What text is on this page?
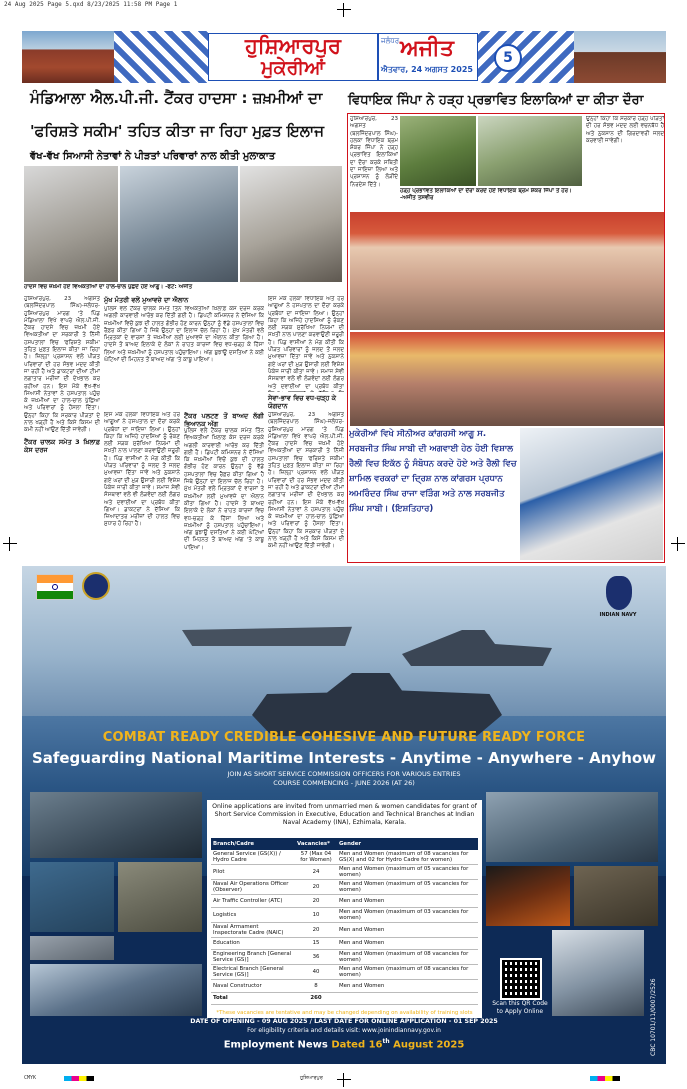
24 Aug 2025 Page 5.qxd 8/23/2025 11:58 PM Page 1
ਹੁਸ਼ਿਆਰਪੁਰ
ਮੁਕੇਰੀਆਂ
ਜਲੰਧਰ ਅਜੀਤ
ਐਤਵਾਰ, 24 ਅਗਸਤ 2025
5
ਮੰਡਿਆਲਾ ਐਲ.ਪੀ.ਜੀ. ਟੈਂਕਰ ਹਾਦਸਾ : ਜ਼ਖ਼ਮੀਆਂ ਦਾ
'ਫਰਿਸ਼ਤੇ ਸਕੀਮ' ਤਹਿਤ ਕੀਤਾ ਜਾ ਰਿਹਾ ਮੁਫ਼ਤ ਇਲਾਜ
ਵੱਖ-ਵੱਖ ਸਿਆਸੀ ਨੇਤਾਵਾਂ ਨੇ ਪੀੜਤਾਂ ਪਰਿਵਾਰਾਂ ਨਾਲ ਕੀਤੀ ਮੁਲਾਕਾਤ
ਹਾਦਸੇ ਵਿਚ ਜ਼ਖ਼ਮੀ ਹੋਏ ਵਿਅਕਤੀਆਂ ਦਾ ਹਾਲ-ਚਾਲ ਪੁੱਛਦੇ ਹੋਏ ਆਗੂ। -ਫੋਟੋ: ਅਜੀਤ
ਹੁਸ਼ਿਆਰਪੁਰ, 23 ਅਗਸਤ (ਬਲਜਿੰਦਰਪਾਲ ਸਿੰਘ)-ਜਲੰਧਰ-ਹੁਸ਼ਿਆਰਪੁਰ ਮਾਰਗ 'ਤੇ ਪਿੰਡ ਮੰਡਿਆਲਾ ਵਿਖੇ ਵਾਪਰੇ ਐਲ.ਪੀ.ਜੀ. ਟੈਂਕਰ ਹਾਦਸੇ ਵਿਚ ਜ਼ਖ਼ਮੀ ਹੋਏ ਵਿਅਕਤੀਆਂ ਦਾ ਸਰਕਾਰੀ ਤੇ ਨਿੱਜੀ ਹਸਪਤਾਲਾਂ ਵਿਚ 'ਫਰਿਸ਼ਤੇ ਸਕੀਮ' ਤਹਿਤ ਮੁਫ਼ਤ ਇਲਾਜ ਕੀਤਾ ਜਾ ਰਿਹਾ ਹੈ। ਜ਼ਿਲ੍ਹਾ ਪ੍ਰਸ਼ਾਸਨ ਵਲੋਂ ਪੀੜਤ ਪਰਿਵਾਰਾਂ ਦੀ ਹਰ ਸੰਭਵ ਮਦਦ ਕੀਤੀ ਜਾ ਰਹੀ ਹੈ ਅਤੇ ਡਾਕਟਰਾਂ ਦੀਆਂ ਟੀਮਾਂ ਲਗਾਤਾਰ ਮਰੀਜ਼ਾਂ ਦੀ ਦੇਖਭਾਲ ਕਰ ਰਹੀਆਂ ਹਨ। ਇਸ ਮੌਕੇ ਵੱਖ-ਵੱਖ ਸਿਆਸੀ ਨੇਤਾਵਾਂ ਨੇ ਹਸਪਤਾਲ ਪਹੁੰਚ ਕੇ ਜ਼ਖ਼ਮੀਆਂ ਦਾ ਹਾਲ-ਚਾਲ ਪੁੱਛਿਆ ਅਤੇ ਪਰਿਵਾਰਾਂ ਨੂੰ ਹੌਸਲਾ ਦਿੱਤਾ। ਉਨ੍ਹਾਂ ਕਿਹਾ ਕਿ ਸਰਕਾਰ ਪੀੜਤਾਂ ਦੇ ਨਾਲ ਖੜ੍ਹੀ ਹੈ ਅਤੇ ਕਿਸੇ ਕਿਸਮ ਦੀ ਕਮੀ ਨਹੀਂ ਆਉਣ ਦਿੱਤੀ ਜਾਵੇਗੀ।
ਟੈਂਕਰ ਚਾਲਕ ਸਮੇਤ 3 ਖ਼ਿਲਾਫ਼ ਕੇਸ ਦਰਜ
ਮੁੱਖ ਮੰਤਰੀ ਵਲੋਂ ਮੁਆਵਜ਼ੇ ਦਾ ਐਲਾਨ
ਪੁਲਿਸ ਵਲੋਂ ਟੈਂਕਰ ਚਾਲਕ ਸਮੇਤ ਤਿੰਨ ਵਿਅਕਤੀਆਂ ਖ਼ਿਲਾਫ਼ ਕੇਸ ਦਰਜ ਕਰਕੇ ਅਗਲੀ ਕਾਰਵਾਈ ਆਰੰਭ ਕਰ ਦਿੱਤੀ ਗਈ ਹੈ। ਡਿਪਟੀ ਕਮਿਸ਼ਨਰ ਨੇ ਦੱਸਿਆ ਕਿ ਜ਼ਖ਼ਮੀਆਂ ਵਿਚੋਂ ਕੁਝ ਦੀ ਹਾਲਤ ਗੰਭੀਰ ਹੋਣ ਕਾਰਨ ਉਨ੍ਹਾਂ ਨੂੰ ਵੱਡੇ ਹਸਪਤਾਲਾਂ ਵਿਚ ਰੈਫ਼ਰ ਕੀਤਾ ਗਿਆ ਹੈ ਜਿਥੇ ਉਨ੍ਹਾਂ ਦਾ ਇਲਾਜ ਚੱਲ ਰਿਹਾ ਹੈ। ਮੁੱਖ ਮੰਤਰੀ ਵਲੋਂ ਮ੍ਰਿਤਕਾਂ ਦੇ ਵਾਰਸਾਂ ਤੇ ਜ਼ਖ਼ਮੀਆਂ ਲਈ ਮੁਆਵਜ਼ੇ ਦਾ ਐਲਾਨ ਕੀਤਾ ਗਿਆ ਹੈ। ਹਾਦਸੇ ਤੋਂ ਬਾਅਦ ਇਲਾਕੇ ਦੇ ਲੋਕਾਂ ਨੇ ਰਾਹਤ ਕਾਰਜਾਂ ਵਿਚ ਵਧ-ਚੜ੍ਹ ਕੇ ਹਿੱਸਾ ਲਿਆ ਅਤੇ ਜ਼ਖ਼ਮੀਆਂ ਨੂੰ ਹਸਪਤਾਲ ਪਹੁੰਚਾਇਆ। ਅੱਗ ਬੁਝਾਊ ਦਸਤਿਆਂ ਨੇ ਕਈ ਘੰਟਿਆਂ ਦੀ ਮਿਹਨਤ ਤੋਂ ਬਾਅਦ ਅੱਗ 'ਤੇ ਕਾਬੂ ਪਾਇਆ।
ਇਸ ਮੌਕੇ ਹਲਕਾ ਵਿਧਾਇਕ ਅਤੇ ਹੋਰ ਆਗੂਆਂ ਨੇ ਹਸਪਤਾਲ ਦਾ ਦੌਰਾ ਕਰਕੇ ਪ੍ਰਬੰਧਾਂ ਦਾ ਜਾਇਜ਼ਾ ਲਿਆ। ਉਨ੍ਹਾਂ ਕਿਹਾ ਕਿ ਅਜਿਹੇ ਹਾਦਸਿਆਂ ਨੂੰ ਰੋਕਣ ਲਈ ਸੜਕ ਸੁਰੱਖਿਆ ਨਿਯਮਾਂ ਦੀ ਸਖ਼ਤੀ ਨਾਲ ਪਾਲਣਾ ਕਰਵਾਉਣੀ ਜ਼ਰੂਰੀ ਹੈ। ਪਿੰਡ ਵਾਸੀਆਂ ਨੇ ਮੰਗ ਕੀਤੀ ਕਿ ਪੀੜਤ ਪਰਿਵਾਰਾਂ ਨੂੰ ਜਲਦ ਤੋਂ ਜਲਦ ਮੁਆਵਜ਼ਾ ਦਿੱਤਾ ਜਾਵੇ ਅਤੇ ਨੁਕਸਾਨੇ ਗਏ ਘਰਾਂ ਦੀ ਮੁੜ ਉਸਾਰੀ ਲਈ ਵਿਸ਼ੇਸ਼ ਪੈਕੇਜ ਜਾਰੀ ਕੀਤਾ ਜਾਵੇ। ਸਮਾਜ ਸੇਵੀ ਸੰਸਥਾਵਾਂ ਵਲੋਂ ਵੀ ਲੋੜਵੰਦਾਂ ਲਈ ਲੰਗਰ ਅਤੇ ਦਵਾਈਆਂ ਦਾ ਪ੍ਰਬੰਧ ਕੀਤਾ ਗਿਆ। ਡਾਕਟਰਾਂ ਨੇ ਦੱਸਿਆ ਕਿ ਜ਼ਿਆਦਾਤਰ ਮਰੀਜ਼ਾਂ ਦੀ ਹਾਲਤ ਵਿਚ ਸੁਧਾਰ ਹੋ ਰਿਹਾ ਹੈ।
ਟੈਂਕਰ ਪਲਟਣ ਤੋਂ ਬਾਅਦ ਲੱਗੀ ਭਿਆਨਕ ਅੱਗ
ਪੁਲਿਸ ਵਲੋਂ ਟੈਂਕਰ ਚਾਲਕ ਸਮੇਤ ਤਿੰਨ ਵਿਅਕਤੀਆਂ ਖ਼ਿਲਾਫ਼ ਕੇਸ ਦਰਜ ਕਰਕੇ ਅਗਲੀ ਕਾਰਵਾਈ ਆਰੰਭ ਕਰ ਦਿੱਤੀ ਗਈ ਹੈ। ਡਿਪਟੀ ਕਮਿਸ਼ਨਰ ਨੇ ਦੱਸਿਆ ਕਿ ਜ਼ਖ਼ਮੀਆਂ ਵਿਚੋਂ ਕੁਝ ਦੀ ਹਾਲਤ ਗੰਭੀਰ ਹੋਣ ਕਾਰਨ ਉਨ੍ਹਾਂ ਨੂੰ ਵੱਡੇ ਹਸਪਤਾਲਾਂ ਵਿਚ ਰੈਫ਼ਰ ਕੀਤਾ ਗਿਆ ਹੈ ਜਿਥੇ ਉਨ੍ਹਾਂ ਦਾ ਇਲਾਜ ਚੱਲ ਰਿਹਾ ਹੈ। ਮੁੱਖ ਮੰਤਰੀ ਵਲੋਂ ਮ੍ਰਿਤਕਾਂ ਦੇ ਵਾਰਸਾਂ ਤੇ ਜ਼ਖ਼ਮੀਆਂ ਲਈ ਮੁਆਵਜ਼ੇ ਦਾ ਐਲਾਨ ਕੀਤਾ ਗਿਆ ਹੈ। ਹਾਦਸੇ ਤੋਂ ਬਾਅਦ ਇਲਾਕੇ ਦੇ ਲੋਕਾਂ ਨੇ ਰਾਹਤ ਕਾਰਜਾਂ ਵਿਚ ਵਧ-ਚੜ੍ਹ ਕੇ ਹਿੱਸਾ ਲਿਆ ਅਤੇ ਜ਼ਖ਼ਮੀਆਂ ਨੂੰ ਹਸਪਤਾਲ ਪਹੁੰਚਾਇਆ। ਅੱਗ ਬੁਝਾਊ ਦਸਤਿਆਂ ਨੇ ਕਈ ਘੰਟਿਆਂ ਦੀ ਮਿਹਨਤ ਤੋਂ ਬਾਅਦ ਅੱਗ 'ਤੇ ਕਾਬੂ ਪਾਇਆ।
ਇਸ ਮੌਕੇ ਹਲਕਾ ਵਿਧਾਇਕ ਅਤੇ ਹੋਰ ਆਗੂਆਂ ਨੇ ਹਸਪਤਾਲ ਦਾ ਦੌਰਾ ਕਰਕੇ ਪ੍ਰਬੰਧਾਂ ਦਾ ਜਾਇਜ਼ਾ ਲਿਆ। ਉਨ੍ਹਾਂ ਕਿਹਾ ਕਿ ਅਜਿਹੇ ਹਾਦਸਿਆਂ ਨੂੰ ਰੋਕਣ ਲਈ ਸੜਕ ਸੁਰੱਖਿਆ ਨਿਯਮਾਂ ਦੀ ਸਖ਼ਤੀ ਨਾਲ ਪਾਲਣਾ ਕਰਵਾਉਣੀ ਜ਼ਰੂਰੀ ਹੈ। ਪਿੰਡ ਵਾਸੀਆਂ ਨੇ ਮੰਗ ਕੀਤੀ ਕਿ ਪੀੜਤ ਪਰਿਵਾਰਾਂ ਨੂੰ ਜਲਦ ਤੋਂ ਜਲਦ ਮੁਆਵਜ਼ਾ ਦਿੱਤਾ ਜਾਵੇ ਅਤੇ ਨੁਕਸਾਨੇ ਗਏ ਘਰਾਂ ਦੀ ਮੁੜ ਉਸਾਰੀ ਲਈ ਵਿਸ਼ੇਸ਼ ਪੈਕੇਜ ਜਾਰੀ ਕੀਤਾ ਜਾਵੇ। ਸਮਾਜ ਸੇਵੀ ਸੰਸਥਾਵਾਂ ਵਲੋਂ ਵੀ ਲੋੜਵੰਦਾਂ ਲਈ ਲੰਗਰ ਅਤੇ ਦਵਾਈਆਂ ਦਾ ਪ੍ਰਬੰਧ ਕੀਤਾ
ਸੇਵਾ-ਭਾਵ ਵਿਚ ਵਧ-ਚੜ੍ਹ ਕੇ ਯੋਗਦਾਨ
ਹੁਸ਼ਿਆਰਪੁਰ, 23 ਅਗਸਤ (ਬਲਜਿੰਦਰਪਾਲ ਸਿੰਘ)-ਜਲੰਧਰ-ਹੁਸ਼ਿਆਰਪੁਰ ਮਾਰਗ 'ਤੇ ਪਿੰਡ ਮੰਡਿਆਲਾ ਵਿਖੇ ਵਾਪਰੇ ਐਲ.ਪੀ.ਜੀ. ਟੈਂਕਰ ਹਾਦਸੇ ਵਿਚ ਜ਼ਖ਼ਮੀ ਹੋਏ ਵਿਅਕਤੀਆਂ ਦਾ ਸਰਕਾਰੀ ਤੇ ਨਿੱਜੀ ਹਸਪਤਾਲਾਂ ਵਿਚ 'ਫਰਿਸ਼ਤੇ ਸਕੀਮ' ਤਹਿਤ ਮੁਫ਼ਤ ਇਲਾਜ ਕੀਤਾ ਜਾ ਰਿਹਾ ਹੈ। ਜ਼ਿਲ੍ਹਾ ਪ੍ਰਸ਼ਾਸਨ ਵਲੋਂ ਪੀੜਤ ਪਰਿਵਾਰਾਂ ਦੀ ਹਰ ਸੰਭਵ ਮਦਦ ਕੀਤੀ ਜਾ ਰਹੀ ਹੈ ਅਤੇ ਡਾਕਟਰਾਂ ਦੀਆਂ ਟੀਮਾਂ ਲਗਾਤਾਰ ਮਰੀਜ਼ਾਂ ਦੀ ਦੇਖਭਾਲ ਕਰ ਰਹੀਆਂ ਹਨ। ਇਸ ਮੌਕੇ ਵੱਖ-ਵੱਖ ਸਿਆਸੀ ਨੇਤਾਵਾਂ ਨੇ ਹਸਪਤਾਲ ਪਹੁੰਚ ਕੇ ਜ਼ਖ਼ਮੀਆਂ ਦਾ ਹਾਲ-ਚਾਲ ਪੁੱਛਿਆ ਅਤੇ ਪਰਿਵਾਰਾਂ ਨੂੰ ਹੌਸਲਾ ਦਿੱਤਾ। ਉਨ੍ਹਾਂ ਕਿਹਾ ਕਿ ਸਰਕਾਰ ਪੀੜਤਾਂ ਦੇ ਨਾਲ ਖੜ੍ਹੀ ਹੈ ਅਤੇ ਕਿਸੇ ਕਿਸਮ ਦੀ ਕਮੀ ਨਹੀਂ ਆਉਣ ਦਿੱਤੀ ਜਾਵੇਗੀ।
ਵਿਧਾਇਕ ਜਿੰਪਾ ਨੇ ਹੜ੍ਹ ਪ੍ਰਭਾਵਿਤ ਇਲਾਕਿਆਂ ਦਾ ਕੀਤਾ ਦੌਰਾ
ਹੁਸ਼ਿਆਰਪੁਰ, 23 ਅਗਸਤ (ਬਲਜਿੰਦਰਪਾਲ ਸਿੰਘ)-ਹਲਕਾ ਵਿਧਾਇਕ ਬ੍ਰਮ ਸ਼ੰਕਰ ਜਿੰਪਾ ਨੇ ਹੜ੍ਹ ਪ੍ਰਭਾਵਿਤ ਇਲਾਕਿਆਂ ਦਾ ਦੌਰਾ ਕਰਕੇ ਸਥਿਤੀ ਦਾ ਜਾਇਜ਼ਾ ਲਿਆ ਅਤੇ ਪ੍ਰਸ਼ਾਸਨ ਨੂੰ ਲੋੜੀਂਦੇ ਨਿਰਦੇਸ਼ ਦਿੱਤੇ।
ਉਨ੍ਹਾਂ ਕਿਹਾ ਕਿ ਸਰਕਾਰ ਹੜ੍ਹ ਪੀੜਤਾਂ ਦੀ ਹਰ ਸੰਭਵ ਮਦਦ ਲਈ ਵਚਨਬੱਧ ਹੈ ਅਤੇ ਨੁਕਸਾਨ ਦੀ ਗਿਰਦਾਵਰੀ ਜਲਦ ਕਰਵਾਈ ਜਾਵੇਗੀ।
ਹੜ੍ਹ ਪ੍ਰਭਾਵਿਤ ਇਲਾਕਿਆਂ ਦਾ ਦੌਰਾ ਕਰਦੇ ਹੋਏ ਵਿਧਾਇਕ ਬ੍ਰਮ ਸ਼ੰਕਰ ਜਿੰਪਾ ਤੇ ਹੋਰ। -ਅਜੀਤ ਤਸਵੀਰ
ਮੁਕੇਰੀਆਂ ਵਿਖੇ ਸੀਨੀਅਰ ਕਾਂਗਰਸੀ ਆਗੂ ਸ. ਸਰਬਜੀਤ ਸਿੰਘ ਸਾਬੀ ਦੀ ਅਗਵਾਈ ਹੇਠ ਹੋਈ ਵਿਸ਼ਾਲ ਰੈਲੀ ਵਿਚ ਇਕੱਠ ਨੂੰ ਸੰਬੋਧਨ ਕਰਦੇ ਹੋਏ ਅਤੇ ਰੈਲੀ ਵਿਚ ਸ਼ਾਮਿਲ ਵਰਕਰਾਂ ਦਾ ਦ੍ਰਿਸ਼ ਨਾਲ ਕਾਂਗਰਸ ਪ੍ਰਧਾਨ ਅਮਰਿੰਦਰ ਸਿੰਘ ਰਾਜਾ ਵੜਿੰਗ ਅਤੇ ਨਾਲ ਸਰਬਜੀਤ ਸਿੰਘ ਸਾਬੀ। (ਇਸ਼ਤਿਹਾਰ)
INDIAN NAVY
COMBAT READY CREDIBLE COHESIVE AND FUTURE READY FORCE
Safeguarding National Maritime Interests - Anytime - Anywhere - Anyhow
JOIN AS SHORT SERVICE COMMISSION OFFICERS FOR VARIOUS ENTRIES
COURSE COMMENCING - JUNE 2026 (AT 26)
Scan this QR Code to Apply Online	CBC 10701/11/0007/2526
Online applications are invited from unmarried men & women candidates for grant of Short Service Commission in Executive, Education and Technical Branches at Indian Naval Academy (INA), Ezhimala, Kerala.
Branch/Cadre	Vacancies*	Gender
General Service (GS(X)) / Hydro Cadre	57 (Max 04 for Women)	Men and Women (maximum of 08 vacancies for GS(X) and 02 for Hydro Cadre for women)
Pilot	24	Men and Women (maximum of 05 vacancies for women)
Naval Air Operations Officer (Observer)	20	Men and Women (maximum of 05 vacancies for women)
Air Traffic Controller (ATC)	20	Men and Women
Logistics	10	Men and Women (maximum of 03 vacancies for women)
Naval Armament Inspectorate Cadre (NAIC)	20	Men and Women
Education	15	Men and Women
Engineering Branch [General Service (GS)]	36	Men and Women (maximum of 08 vacancies for women)
Electrical Branch [General Service (GS)]	40	Men and Women (maximum of 08 vacancies for women)
Naval Constructor	8	Men and Women
Total	260	
*These vacancies are tentative and may be changed depending on availability of training slots
DATE OF OPENING - 09 AUG 2025 / LAST DATE FOR ONLINE APPLICATION - 01 SEP 2025
For eligibility criteria and details visit: www.joinindiannavy.gov.in
Employment News Dated 16th August 2025
CMYK	ਹੁਸ਼ਿਆਰਪੁਰ
